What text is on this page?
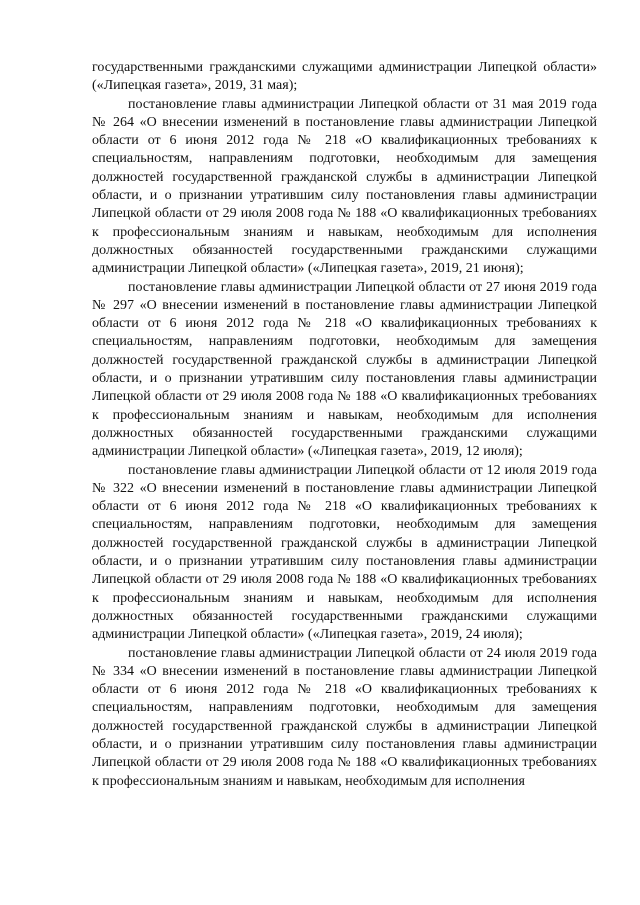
государственными гражданскими служащими администрации Липецкой области» («Липецкая газета», 2019, 31 мая);

постановление главы администрации Липецкой области от 31 мая 2019 года № 264 «О внесении изменений в постановление главы администрации Липецкой области от 6 июня 2012 года № 218 «О квалификационных требованиях к специальностям, направлениям подготовки, необходимым для замещения должностей государственной гражданской службы в администрации Липецкой области, и о признании утратившим силу постановления главы администрации Липецкой области от 29 июля 2008 года № 188 «О квалификационных требованиях к профессиональным знаниям и навыкам, необходимым для исполнения должностных обязанностей государственными гражданскими служащими администрации Липецкой области» («Липецкая газета», 2019, 21 июня);

постановление главы администрации Липецкой области от 27 июня 2019 года № 297 «О внесении изменений в постановление главы администрации Липецкой области от 6 июня 2012 года № 218 «О квалификационных требованиях к специальностям, направлениям подготовки, необходимым для замещения должностей государственной гражданской службы в администрации Липецкой области, и о признании утратившим силу постановления главы администрации Липецкой области от 29 июля 2008 года № 188 «О квалификационных требованиях к профессиональным знаниям и навыкам, необходимым для исполнения должностных обязанностей государственными гражданскими служащими администрации Липецкой области» («Липецкая газета», 2019, 12 июля);

постановление главы администрации Липецкой области от 12 июля 2019 года № 322 «О внесении изменений в постановление главы администрации Липецкой области от 6 июня 2012 года № 218 «О квалификационных требованиях к специальностям, направлениям подготовки, необходимым для замещения должностей государственной гражданской службы в администрации Липецкой области, и о признании утратившим силу постановления главы администрации Липецкой области от 29 июля 2008 года № 188 «О квалификационных требованиях к профессиональным знаниям и навыкам, необходимым для исполнения должностных обязанностей государственными гражданскими служащими администрации Липецкой области» («Липецкая газета», 2019, 24 июля);

постановление главы администрации Липецкой области от 24 июля 2019 года № 334 «О внесении изменений в постановление главы администрации Липецкой области от 6 июня 2012 года № 218 «О квалификационных требованиях к специальностям, направлениям подготовки, необходимым для замещения должностей государственной гражданской службы в администрации Липецкой области, и о признании утратившим силу постановления главы администрации Липецкой области от 29 июля 2008 года № 188 «О квалификационных требованиях к профессиональным знаниям и навыкам, необходимым для исполнения
